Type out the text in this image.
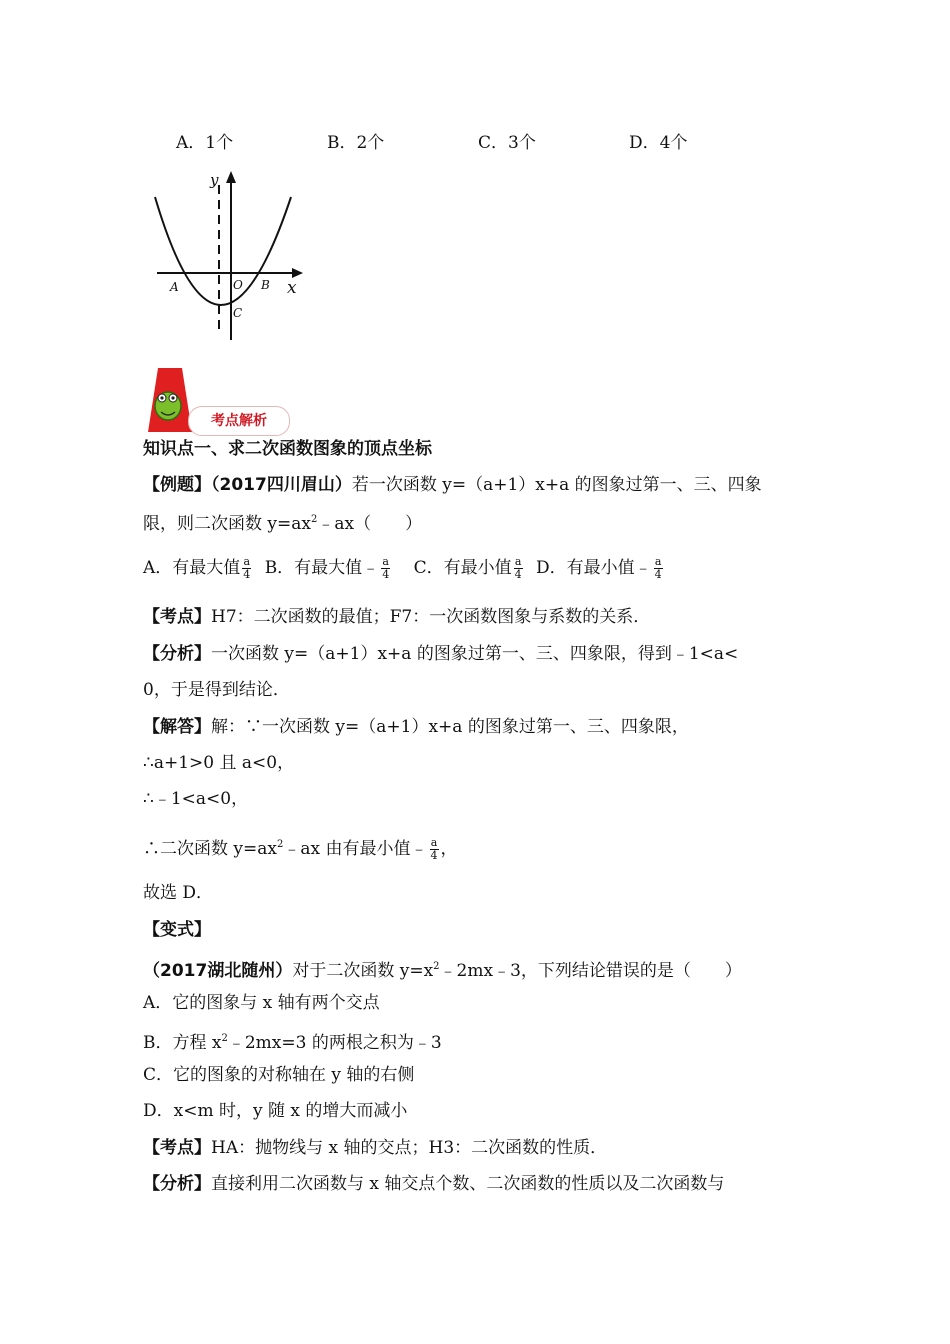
A．1个	B．2个	C．3个	D．4个
y
x
O
A	B
C
考点解析
知识点一、求二次函数图象的顶点坐标
【例题】（2017四川眉山）若一次函数 y=（a+1）x+a 的图象过第一、三、四象
限，则二次函数 $y=ax^2﹣ax$（　　）
A．有最大值 $\frac{a}{4}$ B．有最大值﹣ $\frac{a}{4}$ C．有最小值 $\frac{a}{4}$ D．有最小值﹣ $\frac{a}{4}$
【考点】H7：二次函数的最值；F7：一次函数图象与系数的关系．
【分析】一次函数 y=（a+1）x+a 的图象过第一、三、四象限，得到﹣1<a<
0，于是得到结论．
【解答】解：∵一次函数 y=（a+1）x+a 的图象过第一、三、四象限，
∴a+1>0 且 a<0，
∴﹣1<a<0，
∴二次函数 $y=ax^2﹣ax$ 由有最小值﹣ $\frac{a}{4}$ ，
故选 D．
【变式】
（2017湖北随州）对于二次函数 $y=x^2﹣2mx﹣3$，下列结论错误的是（　　）
A．它的图象与 x 轴有两个交点
B．方程 $x^2﹣2mx=3$ 的两根之积为﹣3
C．它的图象的对称轴在 y 轴的右侧
D．x<m 时，y 随 x 的增大而减小
【考点】HA：抛物线与 x 轴的交点；H3：二次函数的性质．
【分析】直接利用二次函数与 x 轴交点个数、二次函数的性质以及二次函数与
